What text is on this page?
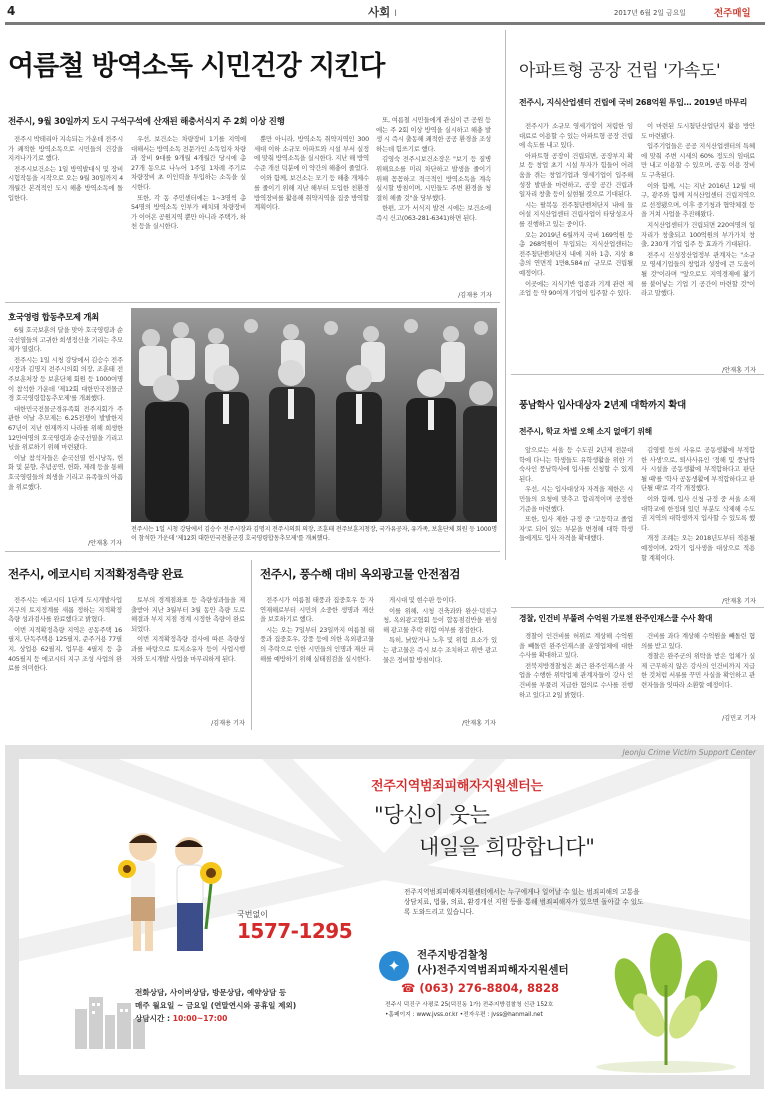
4	사회 I	2017년 6월 2일 금요일	전주매일
여름철 방역소독 시민건강 지킨다
전주시, 9월 30일까지 도시 구석구석에 산재된 해충서식지 주 2회 이상 진행

전주시 박테리아 지속되는 가운데 전주시가 쾌적한 방역소독으로 시민들의 건강을 지켜나가기로 했다.

전주시보건소는 1일 방역발대식 및 장비 시험작동을 시작으로 오는 9월 30일까지 4개월간 본격적인 도시 해충 방역소독에 돌입한다.

우선, 보건소는 차량장비 1기를 지역에 대해서는 방역소독 전문가인 소독업자 차량과 장비 9대를 9개월 4개월간 당시에 총 27개 동으로 나누어 1주일 1차례 주기로 차량장비 초 이인력을 투입하는 소독을 실시한다.

또한, 각 동 주민센터에는 1~3명씩 총 54명의 방역소독 인부가 배치돼 차량장비가 이어온 공원지역 뿐만 아니라 주택가, 하천 등을 실시한다.

뿐만 아니라, 방역소독 취약지역인 300세대 이하 소규모 아파트와 시설 부서 실정에 맞춰 방역소독을 실시한다. 지난 해 방역수준 개선 덕분에 이 약간의 해충이 줄었다.

이와 함께, 보건소는 모기 등 해충 개체수를 줄이기 위해 지난 해부터 도입한 친환경 방역장비를 활용해 취약지역을 집중 방역할 계획이다.

또, 여름철 시민들에게 관심이 큰 공원 등에는 주 2회 이상 방역을 실시하고 해충 발생 시 즉시 출동해 쾌적한 공공 환경을 조성하는데 힘쓰기로 했다.

김영숙 전주시보건소장은 "보기 등 질병 위해요소를 미리 차단하고 발생을 줄이기 위해 꼼꼼하고 적극적인 방역소독을 계속 실시할 방침이며, 시민들도 주변 환경을 청결히 해줄 것"을 당부했다.

한편, 고가 서식지 발견 시에는 보건소에 즉시 신고(063-281-6341)하면 된다.

/김재용 기자
호국영령 합동추모제 개최

6월 호국보훈의 달을 맞아 호국영령과 순국선열들의 고귀한 희생정신을 기리는 추모제가 열렸다.

전주시는 1일 시청 강당에서 김승수 전주시장과 김명지 전주시의회 의장, 조훈태 전주보훈처장 등 보훈단체 회원 등 1000여명이 참석한 가운데 '제12회 대한민국전몰군경 호국영령합동추모제'를 개최했다.

대한민국전몰군경유족회 전주지회가 주관한 이날 추모제는 6.25전쟁이 발발한지 67년이 지난 현재까지 나라를 위해 희생한 12만여명의 호국영령과 순국선열을 기리고 넋을 위로하기 위해 마련됐다.

이날 참석자들은 순국선열 헌시낭독, 헌화 및 분향, 추념공연, 헌화, 제례 등을 통해 호국영령들의 희생을 기리고 유족들의 아픔을 위로했다.

/안재홍 기자
전주시는 1일 시청 강당에서 김승수 전주시장과 김명지 전주시의회 의장, 조훈태 전주보훈지청장, 국가유공자, 유가족, 보훈단체 회원 등 1000명이 참석한 가운데 '제12회 대한민국전몰군경 호국영령합동추모제'를 개최했다.
아파트형 공장 건립 '가속도'
전주시, 지식산업센터 건립에 국비 268억원 투입… 2019년 마무리

전주시가 소규모 영세기업이 저렴한 임대료로 이용할 수 있는 아파트형 공장 건립에 속도를 내고 있다.

아파트형 공장이 건립되면, 공장부지 확보 등 창업 초기 시설 투자가 힘들어 어려움을 겪는 창업기업과 영세기업이 입주해 성장 발판을 마련하고, 공장 공간 건립과 일자리 창출 등이 실현될 것으로 기대된다.

시는 팔복동 전주첨단벤처단지 내에 들어설 지식산업센터 건립사업이 타당성조사를 진행하고 있는 중이다.

오는 2019년 6월까지 국비 169억원 등 총 268억원이 투입되는 지식산업센터는 전주첨단벤처단지 내에 지하 1층, 지상 8층의 연면적 1만8,584㎡ 규모로 건립될 예정이다.

이곳에는 지식기반 업종과 기계 관련 제조업 등 약 90여개 기업이 입주할 수 있다.

이 마련된 도시첨단산업단지 활용 방안도 마련됐다.

입주기업들은 공공 지식산업센터의 특혜에 맞춰 주변 시세의 60% 정도의 임대료만 내고 이용할 수 있으며, 공동 이용 장비도 구축된다.

이와 함께, 시는 지난 2016년 12월 대구, 광주와 함께 지식산업센터 건립지역으로 선정됐으며, 이후 중기청과 협약체결 등을 거쳐 사업을 추진해왔다.

지식산업센터가 건립되면 220여명의 일자리가 창출되고 100억원의 부가가치 창출, 230개 기업 입주 등 효과가 기대된다.

전주시 신성장산업정부 관계자는 "소규모 영세기업들의 창업과 성장에 큰 도움이 될 것"이라며 "앞으로도 지역경제에 활기를 불어넣는 기업 기 공간이 마련할 것"이라고 말했다.

/안재홍 기자
풍남학사 입사대상자 2년제 대학까지 확대
전주시, 학교 차별 오해 소지 없애기 위해

앞으로는 서울 등 수도권 2년제 전문대학에 다니는 학생들도 유학생활을 위한 기숙사인 풍남학사에 입사를 신청할 수 있게 된다.

우선, 시는 입사대상자 자격을 제한은 시민들의 요청에 맞추고 합리적이며 공정한 기준을 마련했다.

또한, 입사 제한 규정 중 '고등학교 졸업자'로 되어 있는 부분을 변경해 대학 학생들에게도 입사 자격을 확대했다.

김영렬 등의 사유로 공동생활에 부적합한 사생'으로, 퇴사사유인 '정해 및 풍남학사 시설을 공동생활에 부적합하다고 판단될 때'를 '학사 공동생활에 부적합하다고 판단될 때'로 각각 개정했다.

이와 함께, 입사 신청 규정 중 서울 소재 대학교에 한정돼 있던 부분도 삭제해 수도권 지역의 대학생까지 입사할 수 있도록 했다.

개정 조례는 오는 2018년도부터 적용될 예정이며, 2학기 입사생을 대상으로 적용할 계획이다.

/안재홍 기자
경찰, 인건비 부풀려 수억원 가로챈 완주인재스쿨 수사 확대

경찰이 인건비를 허위로 계상해 수억원을 빼돌린 완주인재스쿨 운영업체에 대한 수사를 확대하고 있다.

전북지방경찰청은 최근 완주인재스쿨 사업을 수행한 위탁업체 관계자들이 강사 인건비를 부풀려 지급한 혐의로 수사를 진행하고 있다고 2일 밝혔다.

건비를 과다 계상해 수억원을 빼돌린 혐의를 받고 있다.

경찰은 완주군의 위탁을 받은 업체가 실제 근무하지 않은 강사의 인건비까지 지급한 것처럼 서류를 꾸민 사실을 확인하고 관련자들을 잇따라 소환할 예정이다.

/김민교 기자
전주시, 에코시티 지적확정측량 완료

전주시는 에코시티 1단계 도시개발사업지구의 토지정계를 새롭 정하는 지적확정측량 성과검사를 완료했다고 밝혔다.

이번 지적확정측량 지역은 공동주택 16필지, 단독주택용 125필지, 준주거용 77필지, 상업용 62필지, 업무용 4필지 등 총 405필지 등 에코시티 지구 조성 사업의 완료를 의미한다.

토부의 경계점좌표 등 측량성과들을 제출받아 지난 3월부터 3월 동안 측량 도로해결과 부지 지점 경계 시정한 측량이 완료되었다.

이번 지적확정측량 검사에 따른 측량성과를 바탕으로 토지소유자 등이 사업시행자와 도시개발 사업을 마무리하게 된다.

/김재용 기자
전주시, 풍수해 대비 옥외광고물 안전점검

전주시가 여름철 태풍과 집중호우 등 자연재해로부터 시민의 소중한 생명과 재산을 보호하기로 했다.

시는 오는 7일부터 23일까지 여름철 태풍과 집중호우, 강풍 등에 의한 옥외광고물의 추락으로 인한 시민들의 인명과 재산 피해를 예방하기 위해 실태점검을 실시한다.

게시대 및 현수판 등이다.

이를 위해, 시청 건축과와 완산·덕진구청, 옥외광고협회 등이 합동점검반을 편성해 광고물 추락 위험 여부를 점검한다.

특히, 낡았거나 노후 및 위험 요소가 있는 광고물은 즉시 보수 조치하고 위반 광고물은 정비할 방침이다.

/안재홍 기자
Jeonju Crime Victim Support Center
전주지역범죄피해자지원센터는
"당신이 웃는
내일을 희망합니다"
전주지역범죄피해자지원센터에서는 누구에게나 일어날 수 있는 범죄피해의 고통을 상담치료, 법률, 의료, 환경개선 지원 등을 통해 범죄피해자가 있으면 돌아갈 수 있도록 도와드리고 있습니다.
국번없이
1577-1295
전화상담, 사이버상담, 방문상담, 예약상담 등
매주 월요일 ~ 금요일 (연말연시와 공휴일 제외)
상담시간 : 10:00~17:00
✦
전주지방검찰청
(사)전주지역범죄피해자지원센터
☎ (063) 276-8804, 8828
전주시 덕진구 사평로 25(덕진동 1가) 전주지방검찰청 신관 152호
•홈페이지 : www.jvss.or.kr •전자우편 : jvss@hanmail.net
